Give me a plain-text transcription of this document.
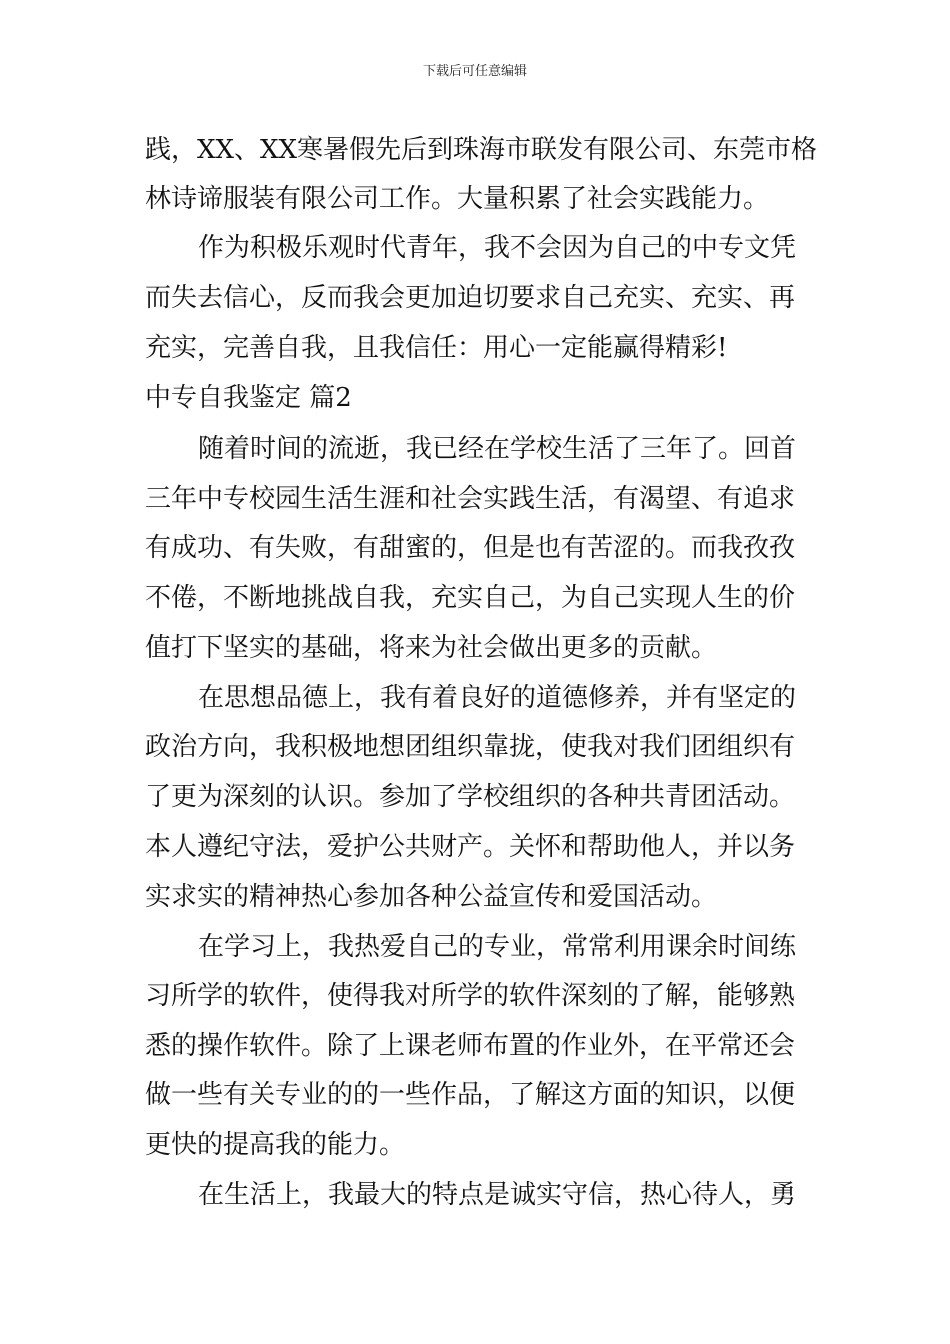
下载后可任意编辑
践，XX、XX寒暑假先后到珠海市联发有限公司、东莞市格
林诗谛服装有限公司工作。大量积累了社会实践能力。
作为积极乐观时代青年，我不会因为自己的中专文凭
而失去信心，反而我会更加迫切要求自己充实、充实、再
充实，完善自我，且我信任：用心一定能赢得精彩!
中专自我鉴定 篇2
随着时间的流逝，我已经在学校生活了三年了。回首
三年中专校园生活生涯和社会实践生活，有渴望、有追求
有成功、有失败，有甜蜜的，但是也有苦涩的。而我孜孜
不倦，不断地挑战自我，充实自己，为自己实现人生的价
值打下坚实的基础，将来为社会做出更多的贡献。
在思想品德上，我有着良好的道德修养，并有坚定的
政治方向，我积极地想团组织靠拢，使我对我们团组织有
了更为深刻的认识。参加了学校组织的各种共青团活动。
本人遵纪守法，爱护公共财产。关怀和帮助他人，并以务
实求实的精神热心参加各种公益宣传和爱国活动。
在学习上，我热爱自己的专业，常常利用课余时间练
习所学的软件，使得我对所学的软件深刻的了解，能够熟
悉的操作软件。除了上课老师布置的作业外，在平常还会
做一些有关专业的的一些作品，了解这方面的知识，以便
更快的提高我的能力。
在生活上，我最大的特点是诚实守信，热心待人，勇
